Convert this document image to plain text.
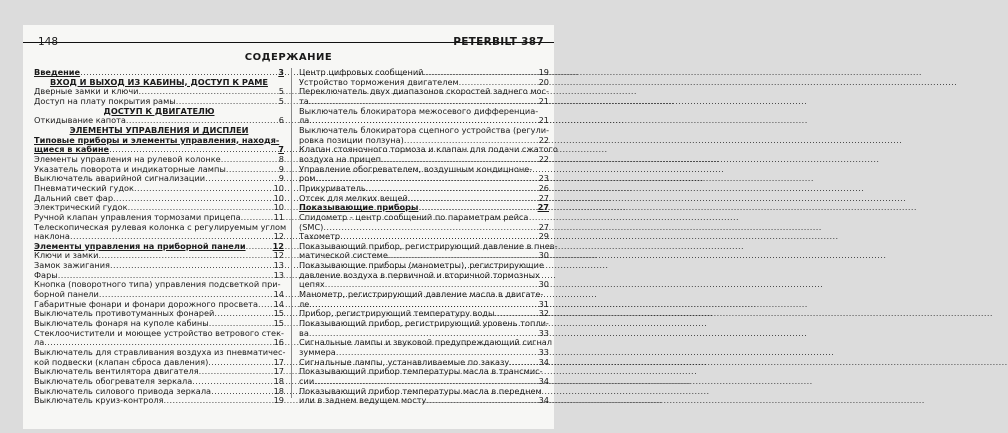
148	PETERBILT 387
СОДЕРЖАНИЕ
Введение .....	3
ВХОД И ВЫХОД ИЗ КАБИНЫ, ДОСТУП К РАМЕ
Дверные замки и ключи .....	5
Доступ на плату покрытия рамы .....	5
ДОСТУП К ДВИГАТЕЛЮ
Откидывание капота .....	6
ЭЛЕМЕНТЫ УПРАВЛЕНИЯ И ДИСПЛЕИ
Типовые приборы и элементы управления, находя-
щиеся в кабине .....	7
Элементы управления на рулевой колонке .....	8
Указатель поворота и индикаторные лампы .....	9
Выключатель аварийной сигнализации .....	9
Пневматический гудок .....	10
Дальний свет фар .....	10
Электрический гудок .....	10
Ручной клапан управления тормозами прицепа .....	11
Телескопическая рулевая колонка с регулируемым углом
наклона .....	12
Элементы управления на приборной панели .....	12
Ключи и замки .....	12
Замок зажигания .....	13
Фары .....	13
Кнопка (поворотного типа) управления подсветкой при-
борной панели .....	14
Габаритные фонари и фонари дорожного просвета ..... 14
Выключатель противотуманных фонарей .....	15
Выключатель фонаря на куполе кабины .....	15
Стеклоочистители и моющее устройство ветрового стек-
ла .....	16
Выключатель для стравливания воздуха из пневматичес-
кой подвески (клапан сброса давления) .....	17
Выключатель вентилятора двигателя .....	17
Выключатель обогревателя зеркала .....	18
Выключатель силового привода зеркала .....	18
Выключатель круиз-контроля .....	19
Центр цифровых сообщений .....	19
Устройство торможения двигателем .....	20
Переключатель двух диапазонов скоростей заднего мос-
та .....	21
Выключатель блокиратора межосевого дифференциа-
ла .....	21
Выключатель блокиратора сцепного устройства (регули-
ровка позиции ползуна) .....	22
Клапан стояночного тормоза и клапан для подачи сжатого
воздуха на прицеп .....	22
Управление обогревателем, воздушным кондицноне-
ром .....	23
Прикуриватель .....	26
Отсек для мелких вещей .....	27
Показывающие приборы .....	27
Спидометр - центр сообщений по параметрам рейса
(SMC) .....	27
Тахометр .....	29
Показывающий прибор, регистрирующий давление в пнев-
матической системе .....	30
Показывающие приборы (манометры), регистрирующие
давление воздуха в первичной и вторичной тормозных
цепях .....	30
Манометр, регистрирующий давление масла в двигате-
ле .....	31
Прибор, регистрирующий температуру воды .....	32
Показывающий прибор, регистрирующий уровень топли-
ва .....	33
Сигнальные лампы и звуковой предупреждающий сигнал
зуммера .....	33
Сигнальные лампы, устанавливаемые по заказу .....	34
Показывающий прибор температуры масла в трансмис-
сии .....	34
Показывающий прибор температуры масла в переднем
или в заднем ведущем мосту .....	34
